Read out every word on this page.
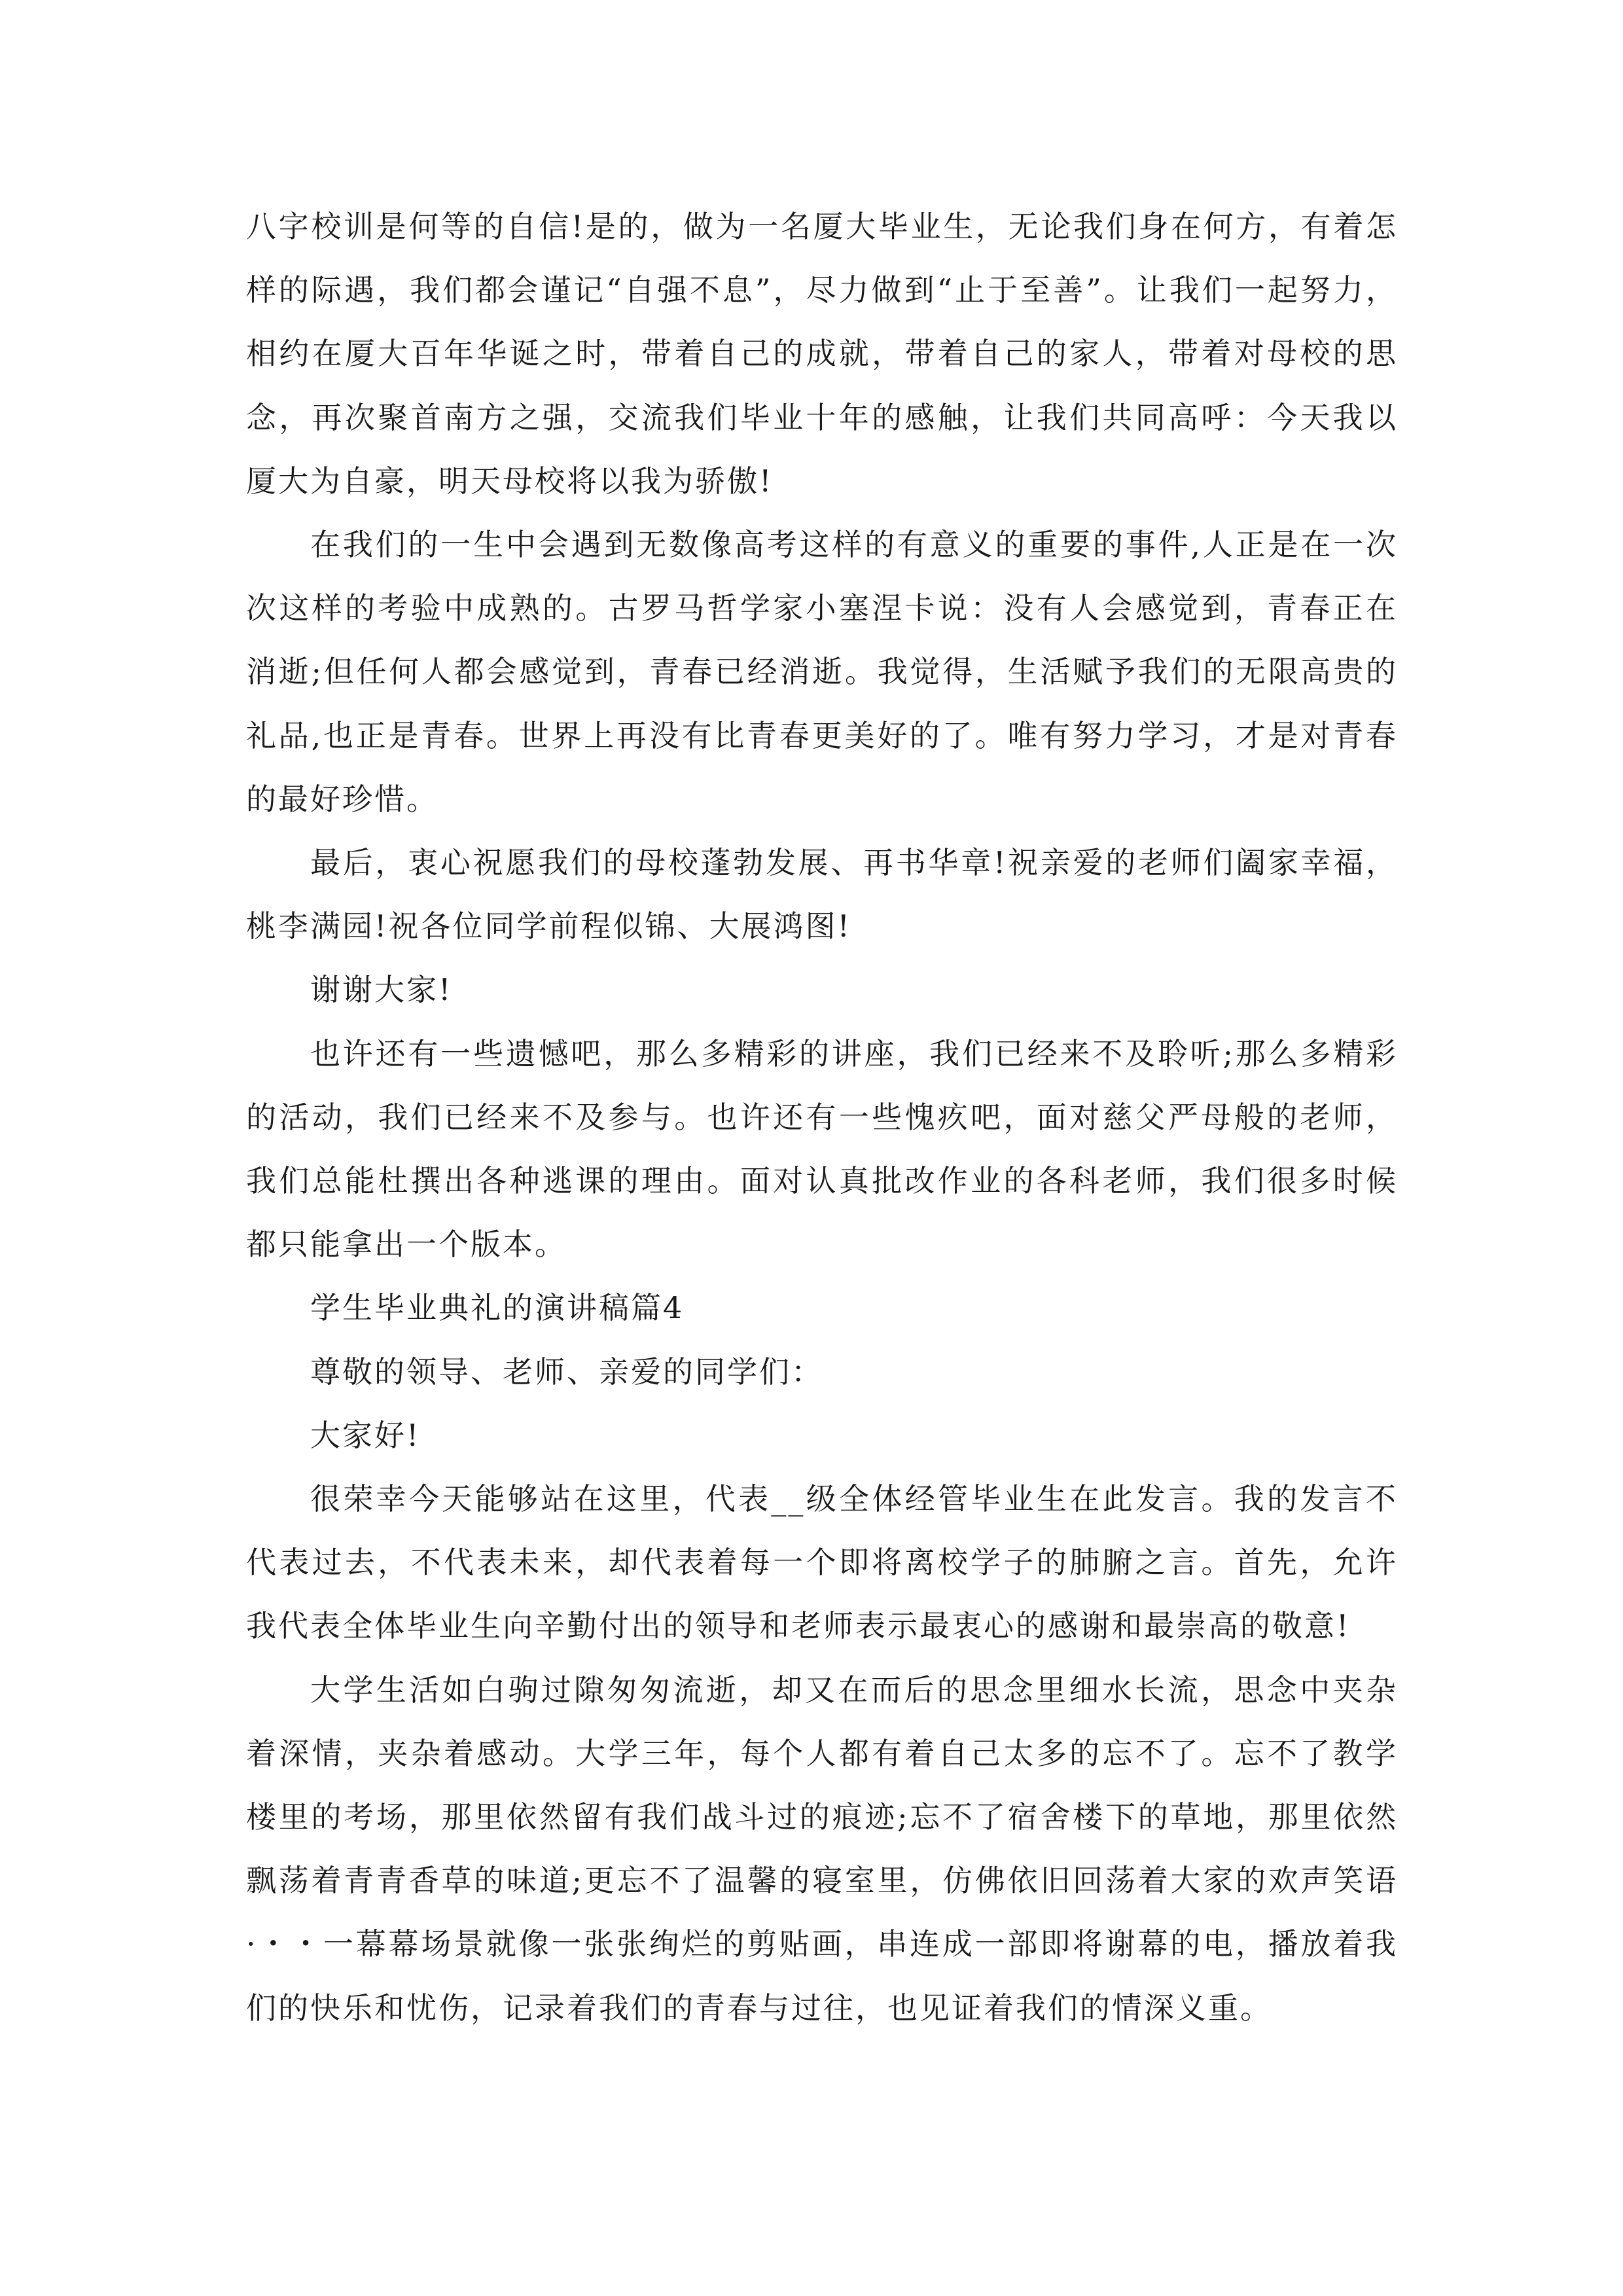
八字校训是何等的自信!是的，做为一名厦大毕业生，无论我们身在何方，有着怎样的际遇，我们都会谨记“自强不息”，尽力做到“止于至善”。让我们一起努力，相约在厦大百年华诞之时，带着自己的成就，带着自己的家人，带着对母校的思念，再次聚首南方之强，交流我们毕业十年的感触，让我们共同高呼：今天我以厦大为自豪，明天母校将以我为骄傲!

在我们的一生中会遇到无数像高考这样的有意义的重要的事件,人正是在一次次这样的考验中成熟的。古罗马哲学家小塞涅卡说：没有人会感觉到，青春正在消逝;但任何人都会感觉到，青春已经消逝。我觉得，生活赋予我们的无限高贵的礼品,也正是青春。世界上再没有比青春更美好的了。唯有努力学习，才是对青春的最好珍惜。

最后，衷心祝愿我们的母校蓬勃发展、再书华章!祝亲爱的老师们阖家幸福，桃李满园!祝各位同学前程似锦、大展鸿图!

谢谢大家!

也许还有一些遗憾吧，那么多精彩的讲座，我们已经来不及聆听;那么多精彩的活动，我们已经来不及参与。也许还有一些愧疚吧，面对慈父严母般的老师，我们总能杜撰出各种逃课的理由。面对认真批改作业的各科老师，我们很多时候都只能拿出一个版本。

学生毕业典礼的演讲稿篇4

尊敬的领导、老师、亲爱的同学们：

大家好!

很荣幸今天能够站在这里，代表__级全体经管毕业生在此发言。我的发言不代表过去，不代表未来，却代表着每一个即将离校学子的肺腑之言。首先，允许我代表全体毕业生向辛勤付出的领导和老师表示最衷心的感谢和最崇高的敬意!

大学生活如白驹过隙匆匆流逝，却又在而后的思念里细水长流，思念中夹杂着深情，夹杂着感动。大学三年，每个人都有着自己太多的忘不了。忘不了教学楼里的考场，那里依然留有我们战斗过的痕迹;忘不了宿舍楼下的草地，那里依然飘荡着青青香草的味道;更忘不了温馨的寝室里，仿佛依旧回荡着大家的欢声笑语·・・一幕幕场景就像一张张绚烂的剪贴画，串连成一部即将谢幕的电，播放着我们的快乐和忧伤，记录着我们的青春与过往，也见证着我们的情深义重。
